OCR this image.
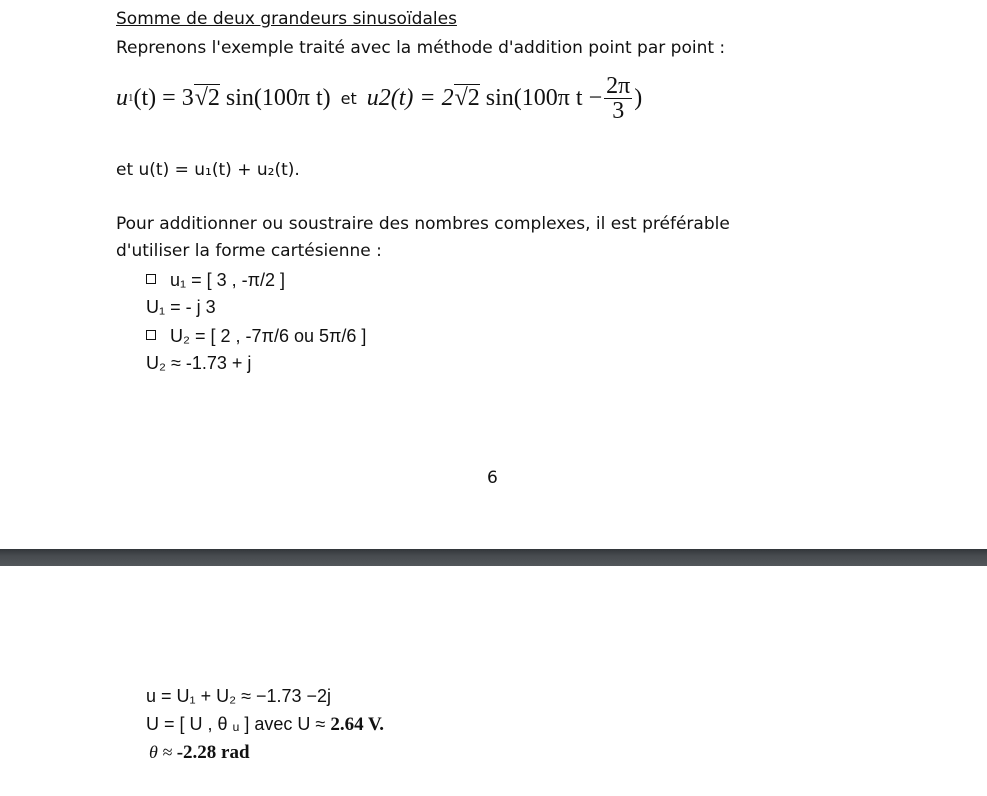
Somme de deux grandeurs sinusoïdales
Reprenons l'exemple traité avec la méthode d'addition point par point :
u 1 (t) = 3 √2
sin(100π t) et u2(t) = 2 √2
sin(100π $t - \frac{2\pi}{3}$ )
et u(t) = u₁(t) + u₂(t).
Pour additionner ou soustraire des nombres complexes, il est préférable
d'utiliser la forme cartésienne :
u₁ = [ 3 , -π/2 ]
U₁ = - j 3
U₂ = [ 2 , -7π/6 ou 5π/6 ]
U₂ ≈ -1.73 + j
6
u = U₁ + U₂ ≈ −1.73 −2j
U = [ U , θ ᵤ ] avec U ≈ 2.64 V.
θ ≈ -2.28 rad
